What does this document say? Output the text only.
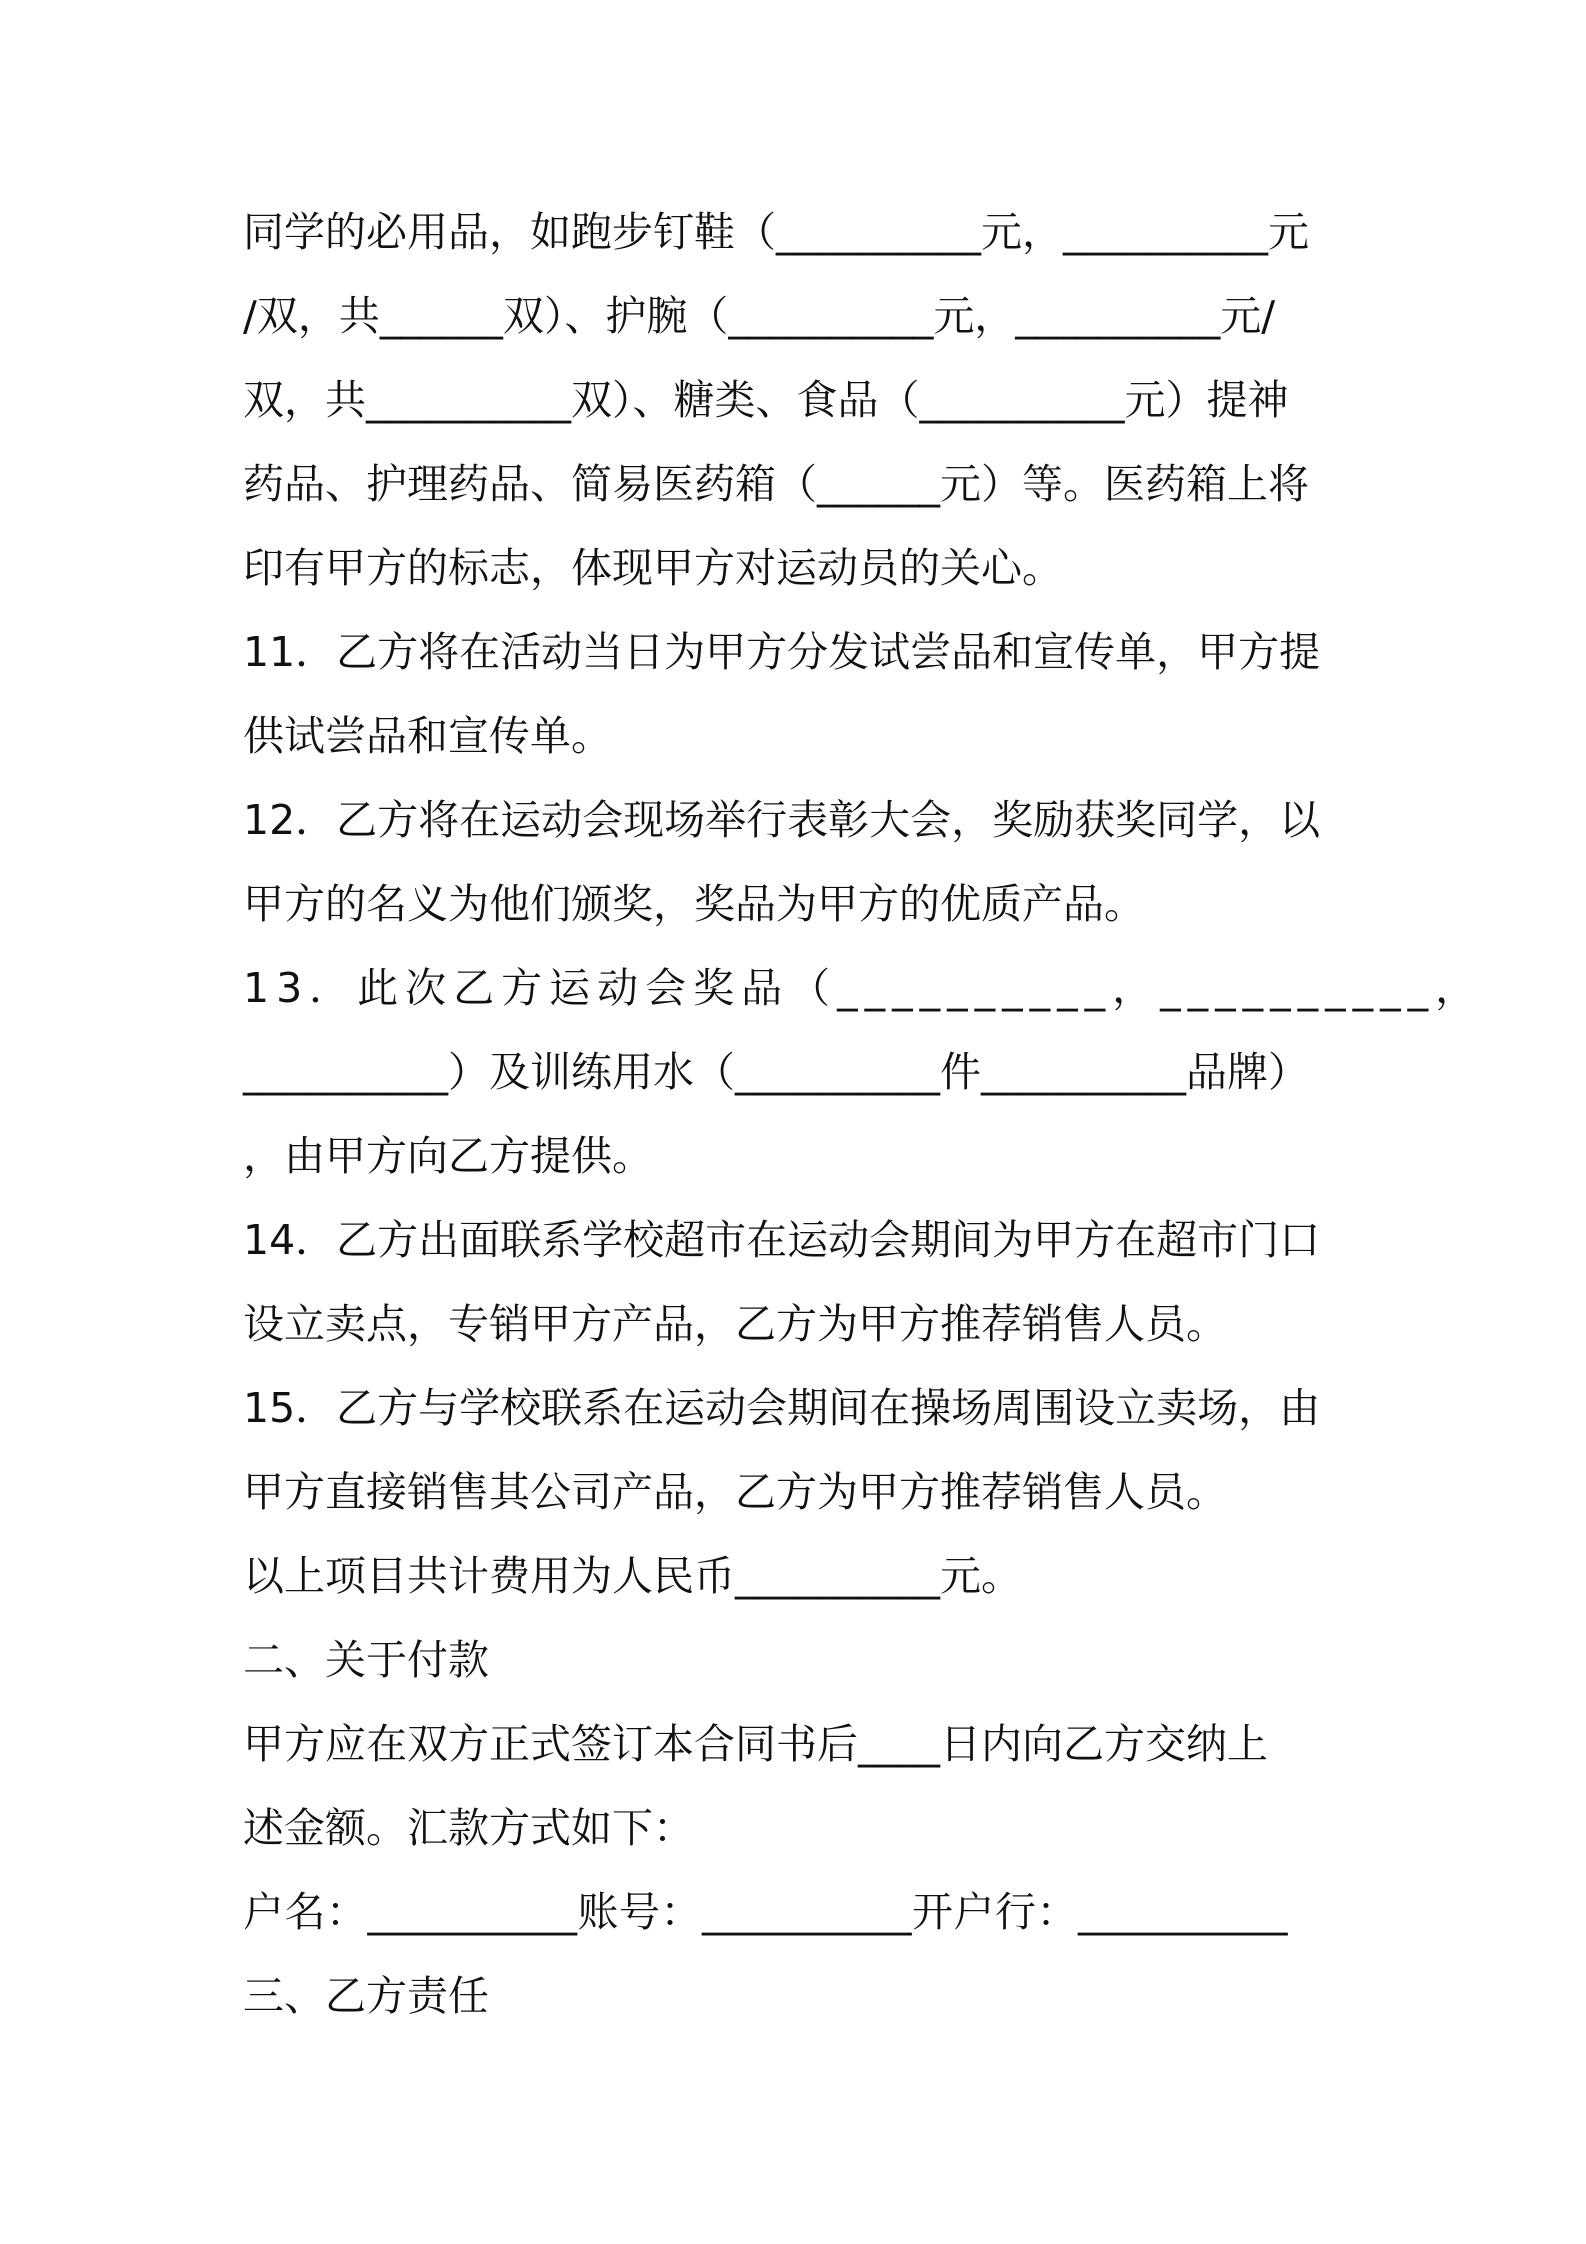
同学的必用品，如跑步钉鞋（__________元，__________元
/双，共______双）、护腕（__________元，__________元/
双，共__________双）、糖类、食品（__________元）提神
药品、护理药品、简易医药箱（______元）等。医药箱上将
印有甲方的标志，体现甲方对运动员的关心。
11．乙方将在活动当日为甲方分发试尝品和宣传单，甲方提
供试尝品和宣传单。
12．乙方将在运动会现场举行表彰大会，奖励获奖同学，以
甲方的名义为他们颁奖，奖品为甲方的优质产品。
13．此次乙方运动会奖品（__________，__________，
__________）及训练用水（__________件__________品牌）
，由甲方向乙方提供。
14．乙方出面联系学校超市在运动会期间为甲方在超市门口
设立卖点，专销甲方产品，乙方为甲方推荐销售人员。
15．乙方与学校联系在运动会期间在操场周围设立卖场，由
甲方直接销售其公司产品，乙方为甲方推荐销售人员。
以上项目共计费用为人民币__________元。
二、关于付款
甲方应在双方正式签订本合同书后____日内向乙方交纳上
述金额。汇款方式如下：
户名：__________账号：__________开户行：__________
三、乙方责任
